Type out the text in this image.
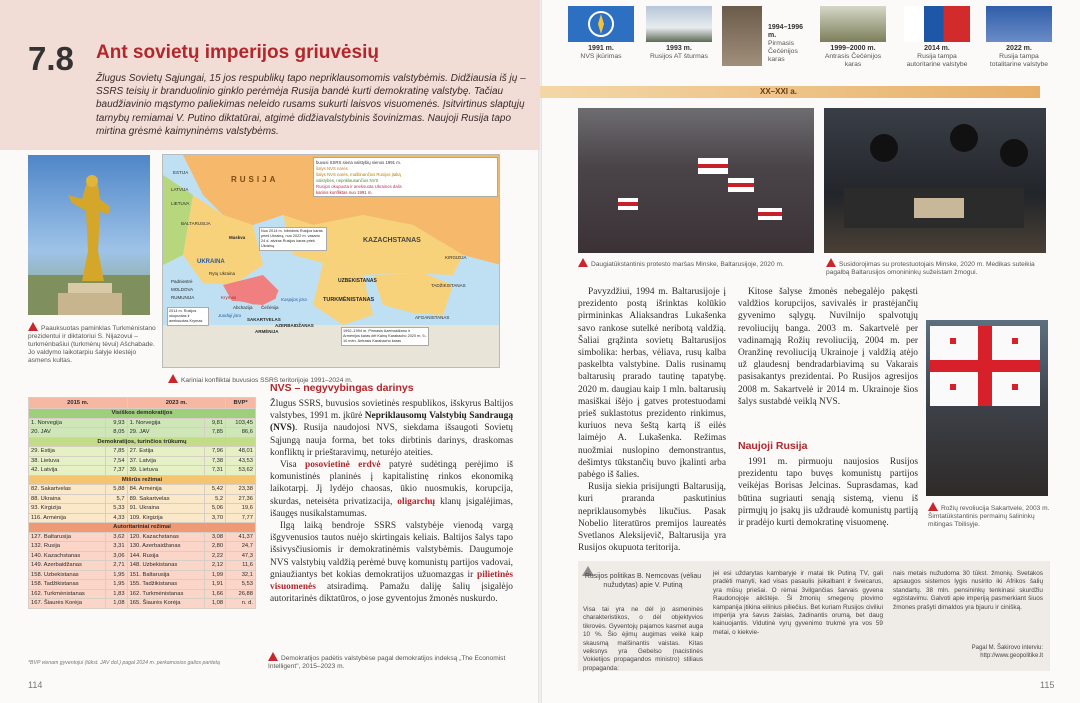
7.8 Ant sovietų imperijos griuvėsių
Žlugus Sovietų Sąjungai, 15 jos respublikų tapo nepriklausomomis valstybėmis. Didžiausia iš jų – SSRS teisių ir branduolinio ginklo perėmėja Rusija bandė kurti demokratinę valstybę. Tačiau baudžiavinio mąstymo paliekimas neleido rusams sukurti laisvos visuomenės. Įsitvirtinus slaptųjų tarnybų remiamai V. Putino diktatūrai, atgimė didžiavalstybinis šovinizmas. Naujoji Rusija tapo mirtina grėsmė kaimyninėms valstybėms.
Paauksuotas paminklas Turkmėnistano prezidentui ir diktatoriui S. Nijazovui – turkmėnbašiui (turkmėnų tėvui) Ašchabade. Jo valdymo laikotarpiu šalyje klestėjo asmens kultas.
buvusi SSRS siena valstybių sienos 1991 m.
šalys NVS narės
šalys NVS narės, maštinančios Rusijos įtaką
valstybės, nepriklausančios NVS
Rusijos okupuota ir aneksuota Ukrainos dalis
karinis konfliktas nuo 1991 m.
RUSIJA
ESTIJA
LATVIJA
LIETUVA
BALTARUSIJA
Maskva
UKRAINA
MOLDOVA
RUMUNIJA	Krymas
KAZACHSTANAS
UZBEKISTANAS
TURKMĖNISTANAS
KIRGIZIJA
TADŽIKISTANAS
AFGANISTANAS
SAKARTVELAS
ARMĖNIJA
AZERBAIDŽANAS
Kaspijos jūra
Juodoji jūra
Čečėnija
Rytų Ukraina
Padniestrė
Abchazija
Nuo 2014 m. hibridinis Rusijos karas prieš Ukrainą, nuo 2022 m. vasario 24 d. atviras Rusijos karas prieš Ukrainą
2014 m. Rusijos okupuotas ir aneksuotas Krymas
1992–1994 m. Pirmasis Azerbaidžano ir Armėnijos karas dėl Kalnų Karabacho 2020 m. 9–10 mėn. Antrasis Karabacho karas
Kariniai konfliktai buvusios SSRS teritorijoje 1991–2024 m.
2015 m.		2023 m.		BVP*
Visiškos demokratijos				
1. Norvegija	9,93	1. Norvegija	9,81	103,45
20. JAV	8,05	29. JAV	7,85	86,6
Demokratijos, turinčios trūkumų				
29. Estija	7,85	27. Estija	7,96	48,01
38. Lietuva	7,54	37. Latvija	7,38	43,53
42. Latvija	7,37	39. Lietuva	7,31	53,62
Mišrūs režimai				
82. Sakartvelas	5,88	84. Armėnija	5,42	23,38
88. Ukraina	5,7	89. Sakartvelas	5,2	27,36
93. Kirgizija	5,33	91. Ukraina	5,06	19,6
116. Armėnija	4,33	109. Kirgizija	3,70	7,77
Autoritariniai režimai				
127. Baltarusija	3,62	120. Kazachstanas	3,08	41,37
132. Rusija	3,31	130. Azerbaidžanas	2,80	24,7
140. Kazachstanas	3,06	144. Rusija	2,22	47,3
149. Azerbaidžanas	2,71	148. Uzbekistanas	2,12	11,6
158. Uzbekistanas	1,95	151. Baltarusija	1,99	32,1
158. Tadžikistanas	1,95	155. Tadžikistanas	1,91	5,53
162. Turkmėnistanas	1,83	162. Turkmėnistanas	1,66	26,88
167. Šiaurės Korėja	1,08	165. Šiaurės Korėja	1,08	n. d.
*BVP vienam gyventojui (tūkst. JAV dol.) pagal 2024 m. perkamosios galios paritetą
Demokratijos padėtis valstybėse pagal demokratijos indeksą „The Economist Intelligent", 2015–2023 m.
NVS – negyvybingas darinys

Žlugus SSRS, buvusios sovietinės respublikos, išskyrus Baltijos valstybes, 1991 m. įkūrė Nepriklausomų Valstybių Sandraugą (NVS). Rusija naudojosi NVS, siekdama išsaugoti Sovietų Sąjungą nauja forma, bet toks dirbtinis darinys, draskomas konfliktų ir prieštaravimų, neturėjo ateities.

Visa posovietinė erdvė patyrė sudėtingą perėjimo iš komunistinės planinės į kapitalistinę rinkos ekonomiką laikotarpį. Jį lydėjo chaosas, ūkio nuosmukis, korupcija, skurdas, neteisėta privatizacija, oligarchų klanų įsigalėjimas, išaugęs nusikalstamumas.

Ilgą laiką bendroje SSRS valstybėje vienodą vargą išgyvenusios tautos nuėjo skirtingais keliais. Baltijos šalys tapo išsivysčiusiomis ir demokratinėmis valstybėmis. Daugumoje NVS valstybių valdžią perėmė buvę komunistų partijos vadovai, gniaužiantys bet kokias demokratijos užuomazgas ir pilietinės visuomenės atsiradimą. Pamažu daliję šalių įsigalėjo autoritarinės diktatūros, o jose gyventojus žmonės nuskurdo.

114
1991 m.
NVS įkūrimas
1993 m.
Rusijos AT šturmas
1994–1996 m.
Pirmasis Čečėnijos karas
1999–2000 m.
Antrasis Čečėnijos karas
2014 m.
Rusija tampa autoritarine valstybe
2022 m.
Rusija tampa totalitarine valstybe
XX–XXI a.
Daugiatūkstantinis protesto maršas Minske, Baltarusijoje, 2020 m.	Susidorojimas su protestuotojais Minske, 2020 m. Medikas suteikia pagalbą Baltarusijos omonininkų sužeistam žmogui.

Pavyzdžiui, 1994 m. Baltarusijoje į prezidento postą išrinktas kolūkio pirmininkas Aliaksandras Lukašenka savo rankose sutelkė neribotą valdžią. Šaliai grąžinta sovietų Baltarusijos simbolika: herbas, vėliava, rusų kalba paskelbta valstybine. Dalis rusinamų baltarusių prarado tautinę tapatybę. 2020 m. daugiau kaip 1 mln. baltarusių masiškai išėjo į gatves protestuodami prieš suklastotus prezidento rinkimus, kuriuos neva šeštą kartą iš eilės laimėjo A. Lukašenka. Režimas nuožmiai nuslopino demonstrantus, dešimtys tūkstančių buvo įkalinti arba pabėgo iš šalies.

Rusija siekia prisijungti Baltarusiją, kuri praranda paskutinius nepriklausomybės likučius. Pasak Nobelio literatūros premijos laureatės Svetlanos Aleksijevič, Baltarusija yra Rusijos okupuota teritorija.

Kitose šalyse žmonės nebegalėjo pakęsti valdžios korupcijos, savivalės ir prastėjančių gyvenimo sąlygų. Nuvilnijo spalvotųjų revoliucijų banga. 2003 m. Sakartvelė per vadinamąją Rožių revoliuciją, 2004 m. per Oranžinę revoliuciją Ukrainoje į valdžią atėjo už glaudesnį bendradarbiavimą su Vakarais pasisakantys prezidentai. Po Rusijos agresijos 2008 m. Sakartvelė ir 2014 m. Ukrainoje šios šalys sustabdė veiklą NVS.

Naujoji Rusija

1991 m. pirmuoju naujosios Rusijos prezidentu tapo buvęs komunistų partijos veikėjas Borisas Jelcinas. Suprasdamas, kad būtina sugriauti senąją sistemą, vienu iš pirmųjų jo įsakų jis uždraudė komunistų partiją ir pradėjo kurti demokratinę visuomenę.

Rožių revoliucija Sakartvele, 2003 m. Šimtatūkstantinis permainų šalininkų mitingas Tbilisyje.
Rusijos politikas B. Nemcovas (vėliau nužudytas) apie V. Putiną
Visa tai yra ne dėl jo asmeninės charakteristikos, o dėl objektyvios tikrovės. Gyventojų pajamos kasmet auga 10 %. Šio ėjimų augimas veikė kaip skausmą malšinantis vaistas. Kitas veiksnys yra Gebelso (nacistinės Vokietijos propagandos ministro) stiliaus propaganda:
jei esi uždarytas kambaryje ir matai tik Putiną TV, gali pradėti manyti, kad visas pasaulis įsikalbant ir šveicarus, yra mūsų priešai. O rėmai 3vilgančias šarvais gyvena Raudonojoje aikštėje. Ši žmonių smegenų plovimo kampanija įtikina eilinius piliečius. Bet kuriam Rusijos civiliui imperija yra šavus žaislas, žadinantis orumą, bet daug kainuojantis. Vidutinė vyrų gyvenimo trukmė yra vos 59 metai, o kiekvie-
nais metais nužudoma 30 tūkst. žmonių. Svetakos apsaugos sistemos lygis nusirito iki Afrikos šalių standartų. 38 mln. pensininkų tenkinasi skurdžiu egzistavimu. Galvoti apie imperiją pasmerkiant šiuos žmones prašyti dimaldos yra bjauru ir cinišką.
Pagal M. Šakirovo interviu: http://www.geopolitike.lt
115
